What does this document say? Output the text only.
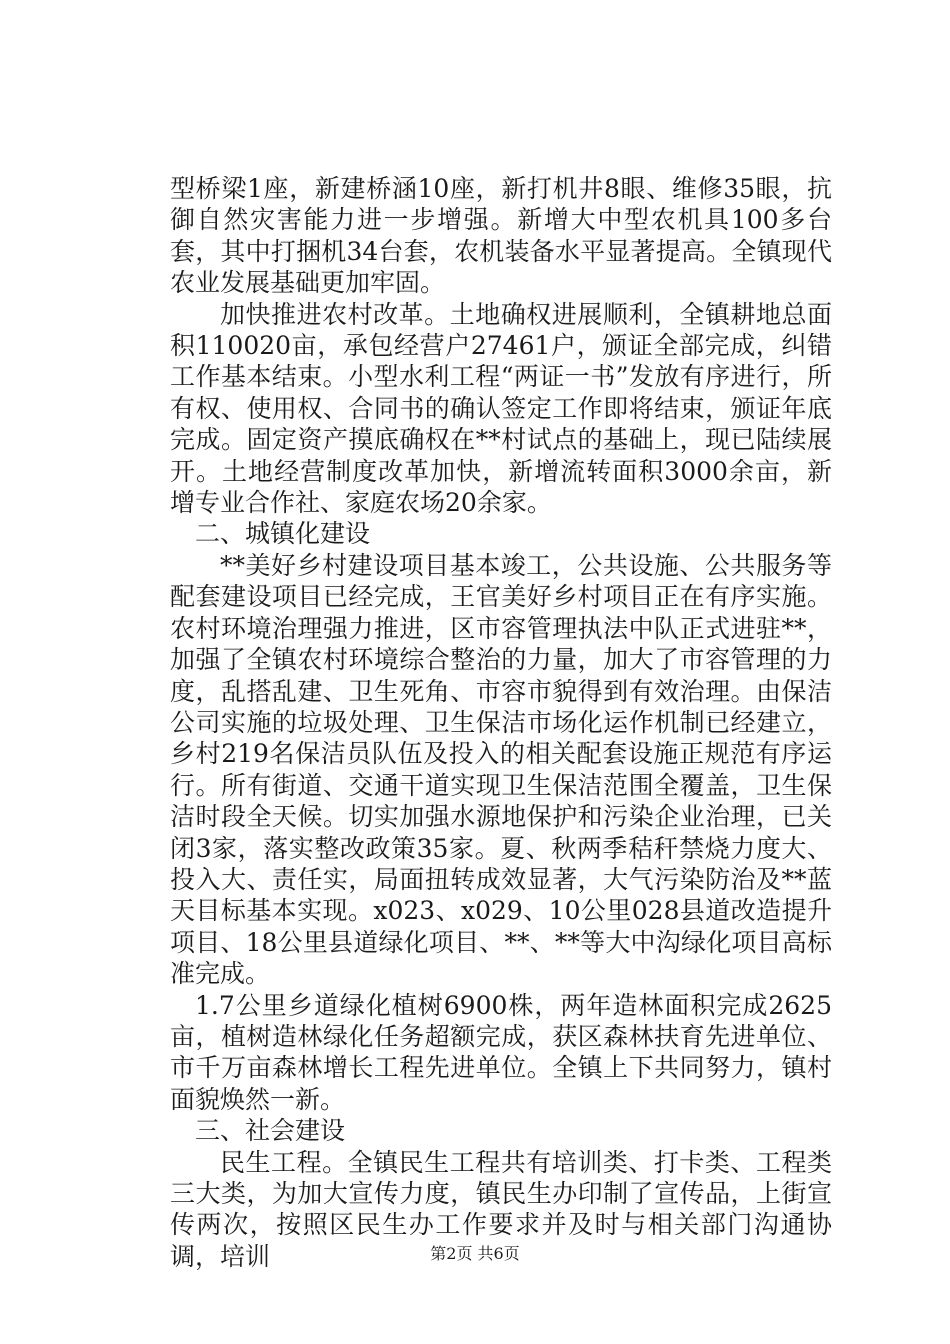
型桥梁1座，新建桥涵10座，新打机井8眼、维修35眼，抗御自然灾害能力进一步增强。新增大中型农机具100多台套，其中打捆机34台套，农机装备水平显著提高。全镇现代农业发展基础更加牢固。

加快推进农村改革。土地确权进展顺利，全镇耕地总面积110020亩，承包经营户27461户，颁证全部完成，纠错工作基本结束。小型水利工程“两证一书”发放有序进行，所有权、使用权、合同书的确认签定工作即将结束，颁证年底完成。固定资产摸底确权在**村试点的基础上，现已陆续展开。土地经营制度改革加快，新增流转面积3000余亩，新增专业合作社、家庭农场20余家。

二、城镇化建设

**美好乡村建设项目基本竣工，公共设施、公共服务等配套建设项目已经完成，王官美好乡村项目正在有序实施。农村环境治理强力推进，区市容管理执法中队正式进驻**，加强了全镇农村环境综合整治的力量，加大了市容管理的力度，乱搭乱建、卫生死角、市容市貌得到有效治理。由保洁公司实施的垃圾处理、卫生保洁市场化运作机制已经建立，乡村219名保洁员队伍及投入的相关配套设施正规范有序运行。所有街道、交通干道实现卫生保洁范围全覆盖，卫生保洁时段全天候。切实加强水源地保护和污染企业治理，已关闭3家，落实整改政策35家。夏、秋两季秸秆禁烧力度大、投入大、责任实，局面扭转成效显著，大气污染防治及**蓝天目标基本实现。x023、x029、10公里028县道改造提升项目、18公里县道绿化项目、**、**等大中沟绿化项目高标准完成。

1.7公里乡道绿化植树6900株，两年造林面积完成2625亩，植树造林绿化任务超额完成，获区森林扶育先进单位、市千万亩森林增长工程先进单位。全镇上下共同努力，镇村面貌焕然一新。

三、社会建设

民生工程。全镇民生工程共有培训类、打卡类、工程类三大类，为加大宣传力度，镇民生办印制了宣传品，上街宣传两次，按照区民生办工作要求并及时与相关部门沟通协调，培训	第2页 共6页
